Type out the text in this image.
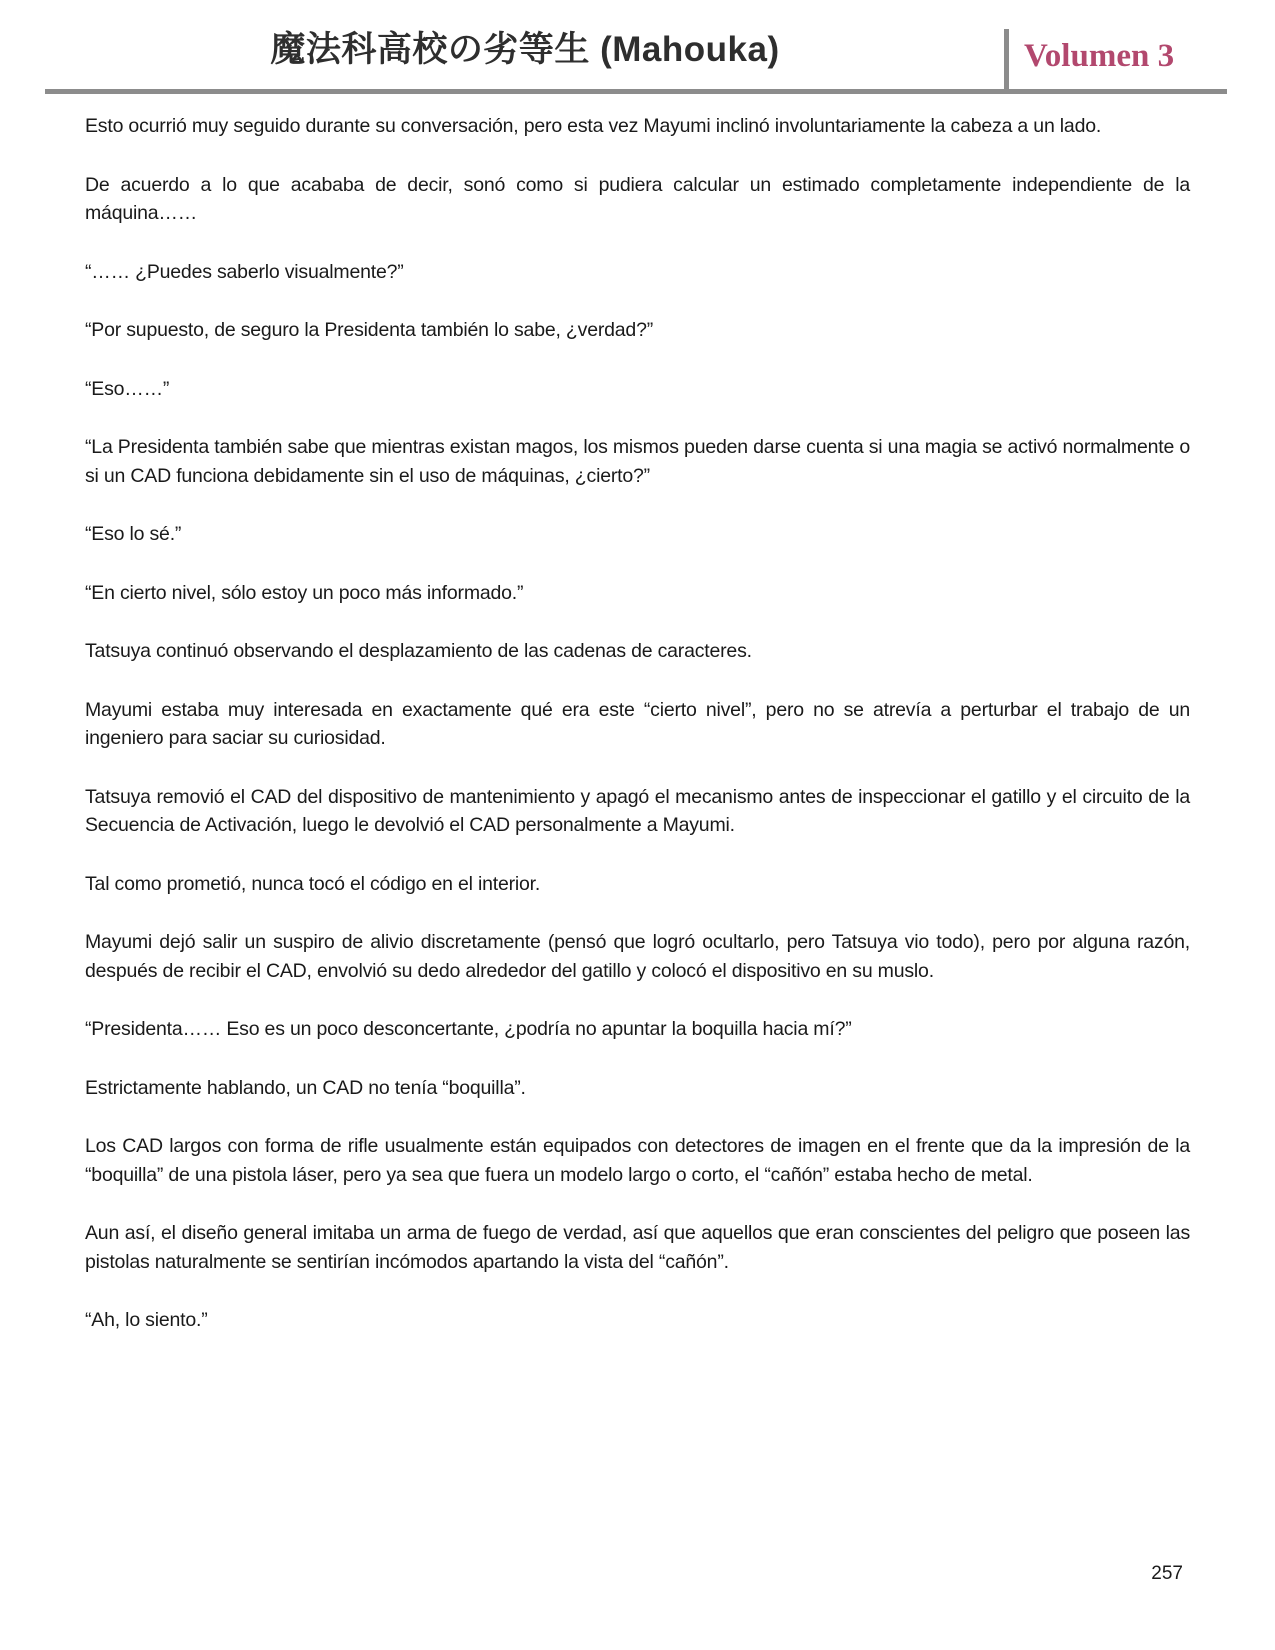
魔法科高校の劣等生 (Mahouka)	Volumen 3

Esto ocurrió muy seguido durante su conversación, pero esta vez Mayumi inclinó involuntariamente la cabeza a un lado.

De acuerdo a lo que acababa de decir, sonó como si pudiera calcular un estimado completamente independiente de la máquina……

“…… ¿Puedes saberlo visualmente?”

“Por supuesto, de seguro la Presidenta también lo sabe, ¿verdad?”

“Eso……”

“La Presidenta también sabe que mientras existan magos, los mismos pueden darse cuenta si una magia se activó normalmente o si un CAD funciona debidamente sin el uso de máquinas, ¿cierto?”

“Eso lo sé.”

“En cierto nivel, sólo estoy un poco más informado.”

Tatsuya continuó observando el desplazamiento de las cadenas de caracteres.

Mayumi estaba muy interesada en exactamente qué era este “cierto nivel”, pero no se atrevía a perturbar el trabajo de un ingeniero para saciar su curiosidad.

Tatsuya removió el CAD del dispositivo de mantenimiento y apagó el mecanismo antes de inspeccionar el gatillo y el circuito de la Secuencia de Activación, luego le devolvió el CAD personalmente a Mayumi.

Tal como prometió, nunca tocó el código en el interior.

Mayumi dejó salir un suspiro de alivio discretamente (pensó que logró ocultarlo, pero Tatsuya vio todo), pero por alguna razón, después de recibir el CAD, envolvió su dedo alrededor del gatillo y colocó el dispositivo en su muslo.

“Presidenta…… Eso es un poco desconcertante, ¿podría no apuntar la boquilla hacia mí?”

Estrictamente hablando, un CAD no tenía “boquilla”.

Los CAD largos con forma de rifle usualmente están equipados con detectores de imagen en el frente que da la impresión de la “boquilla” de una pistola láser, pero ya sea que fuera un modelo largo o corto, el “cañón” estaba hecho de metal.

Aun así, el diseño general imitaba un arma de fuego de verdad, así que aquellos que eran conscientes del peligro que poseen las pistolas naturalmente se sentirían incómodos apartando la vista del “cañón”.

“Ah, lo siento.”

257
